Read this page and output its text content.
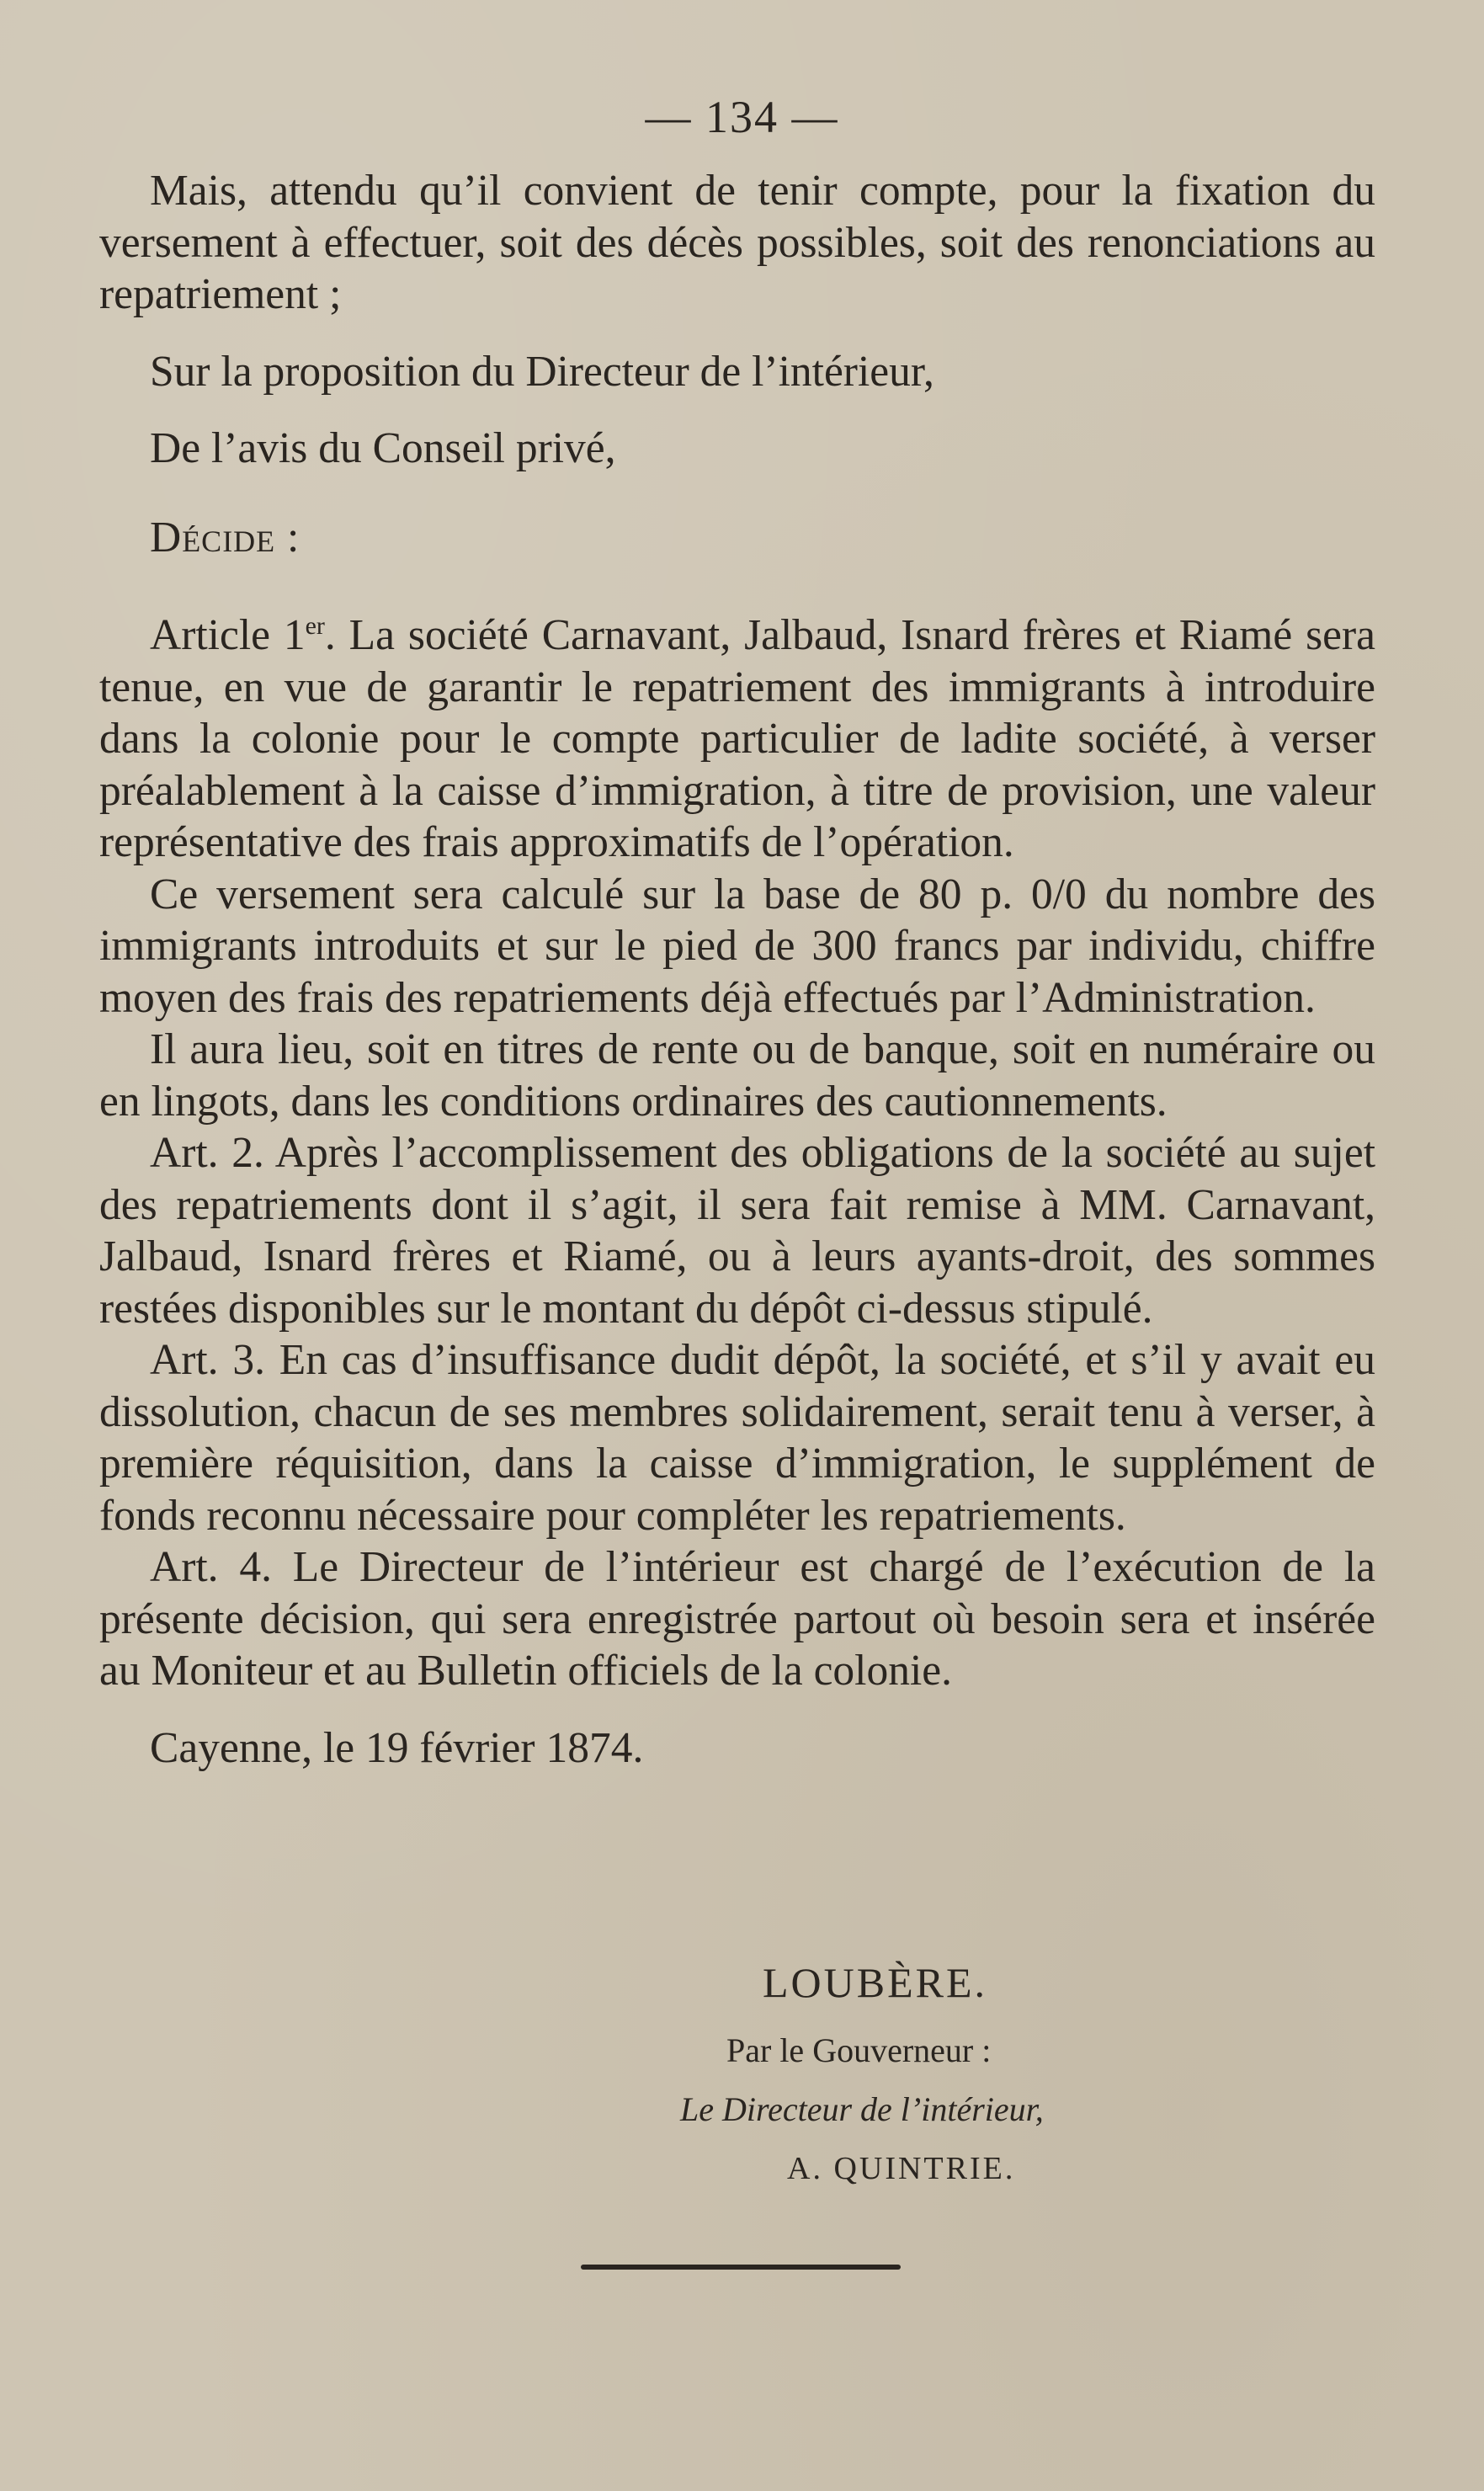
— 134 —

Mais, attendu qu’il convient de tenir compte, pour la fixation du versement à effectuer, soit des décès possibles, soit des renonciations au repatriement ;

Sur la proposition du Directeur de l’intérieur,

De l’avis du Conseil privé,

Décide :

Article 1er. La société Carnavant, Jalbaud, Isnard frères et Riamé sera tenue, en vue de garantir le repatriement des immigrants à introduire dans la colonie pour le compte particulier de ladite société, à verser préalablement à la caisse d’immigration, à titre de provision, une valeur représentative des frais approximatifs de l’opération.

Ce versement sera calculé sur la base de 80 p. 0/0 du nombre des immigrants introduits et sur le pied de 300 francs par individu, chiffre moyen des frais des repatriements déjà effectués par l’Administration.

Il aura lieu, soit en titres de rente ou de banque, soit en numéraire ou en lingots, dans les conditions ordinaires des cautionnements.

Art. 2. Après l’accomplissement des obligations de la société au sujet des repatriements dont il s’agit, il sera fait remise à MM. Carnavant, Jalbaud, Isnard frères et Riamé, ou à leurs ayants-droit, des sommes restées disponibles sur le montant du dépôt ci-dessus stipulé.

Art. 3. En cas d’insuffisance dudit dépôt, la société, et s’il y avait eu dissolution, chacun de ses membres solidairement, serait tenu à verser, à première réquisition, dans la caisse d’immigration, le supplément de fonds reconnu nécessaire pour compléter les repatriements.

Art. 4. Le Directeur de l’intérieur est chargé de l’exécution de la présente décision, qui sera enregistrée partout où besoin sera et insérée au Moniteur et au Bulletin officiels de la colonie.

Cayenne, le 19 février 1874.

LOUBÈRE.

Par le Gouverneur :

Le Directeur de l’intérieur,

A. QUINTRIE.
